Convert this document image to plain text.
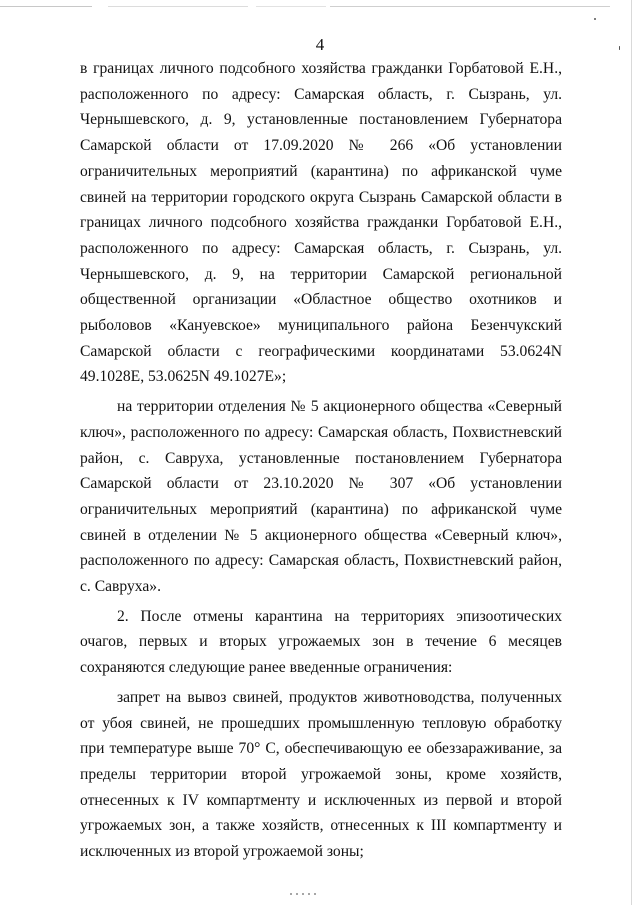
4

в границах личного подсобного хозяйства гражданки Горбатовой Е.Н., расположенного по адресу: Самарская область, г. Сызрань, ул. Чернышевского, д. 9, установленные постановлением Губернатора Самарской области от 17.09.2020 № 266 «Об установлении ограничительных мероприятий (карантина) по африканской чуме свиней на территории городского округа Сызрань Самарской области в границах личного подсобного хозяйства гражданки Горбатовой Е.Н., расположенного по адресу: Самарская область, г. Сызрань, ул. Чернышевского, д. 9, на территории Самарской региональной общественной организации «Областное общество охотников и рыболовов «Кануевское» муниципального района Безенчукский Самарской области с географическими координатами 53.0624N 49.1028E, 53.0625N 49.1027E»;

на территории отделения № 5 акционерного общества «Северный ключ», расположенного по адресу: Самарская область, Похвистневский район, с. Савруха, установленные постановлением Губернатора Самарской области от 23.10.2020 № 307 «Об установлении ограничительных мероприятий (карантина) по африканской чуме свиней в отделении № 5 акционерного общества «Северный ключ», расположенного по адресу: Самарская область, Похвистневский район, с. Савруха».

2. После отмены карантина на территориях эпизоотических очагов, первых и вторых угрожаемых зон в течение 6 месяцев сохраняются следующие ранее введенные ограничения:

запрет на вывоз свиней, продуктов животноводства, полученных от убоя свиней, не прошедших промышленную тепловую обработку при температуре выше 70° С, обеспечивающую ее обеззараживание, за пределы территории второй угрожаемой зоны, кроме хозяйств, отнесенных к IV компартменту и исключенных из первой и второй угрожаемых зон, а также хозяйств, отнесенных к III компартменту и исключенных из второй угрожаемой зоны;
